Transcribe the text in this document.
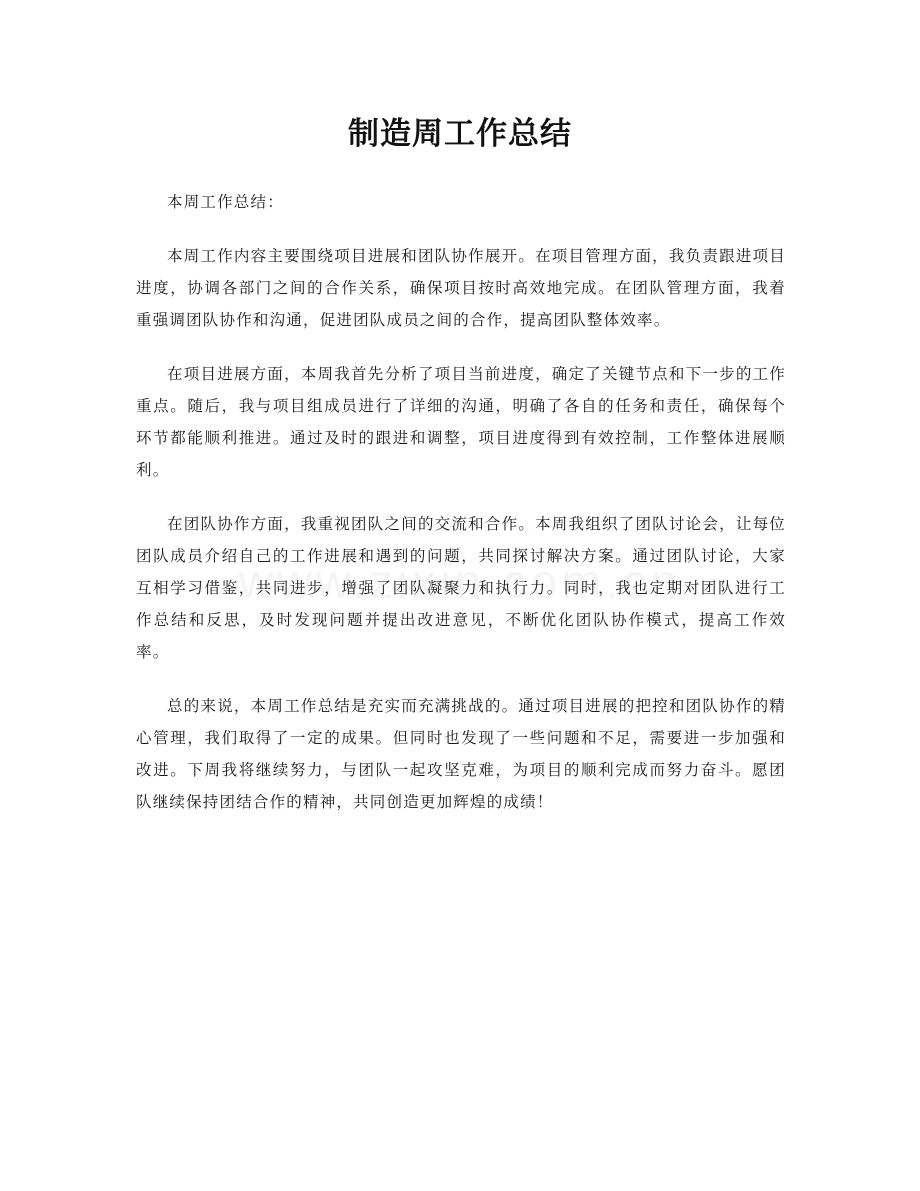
制造周工作总结

本周工作总结：

本周工作内容主要围绕项目进展和团队协作展开。在项目管理方面，我负责跟进项目进度，协调各部门之间的合作关系，确保项目按时高效地完成。在团队管理方面，我着重强调团队协作和沟通，促进团队成员之间的合作，提高团队整体效率。

在项目进展方面，本周我首先分析了项目当前进度，确定了关键节点和下一步的工作重点。随后，我与项目组成员进行了详细的沟通，明确了各自的任务和责任，确保每个环节都能顺利推进。通过及时的跟进和调整，项目进度得到有效控制，工作整体进展顺利。

在团队协作方面，我重视团队之间的交流和合作。本周我组织了团队讨论会，让每位团队成员介绍自己的工作进展和遇到的问题，共同探讨解决方案。通过团队讨论，大家互相学习借鉴，共同进步，增强了团队凝聚力和执行力。同时，我也定期对团队进行工作总结和反思，及时发现问题并提出改进意见，不断优化团队协作模式，提高工作效率。

总的来说，本周工作总结是充实而充满挑战的。通过项目进展的把控和团队协作的精心管理，我们取得了一定的成果。但同时也发现了一些问题和不足，需要进一步加强和改进。下周我将继续努力，与团队一起攻坚克难，为项目的顺利完成而努力奋斗。愿团队继续保持团结合作的精神，共同创造更加辉煌的成绩！
